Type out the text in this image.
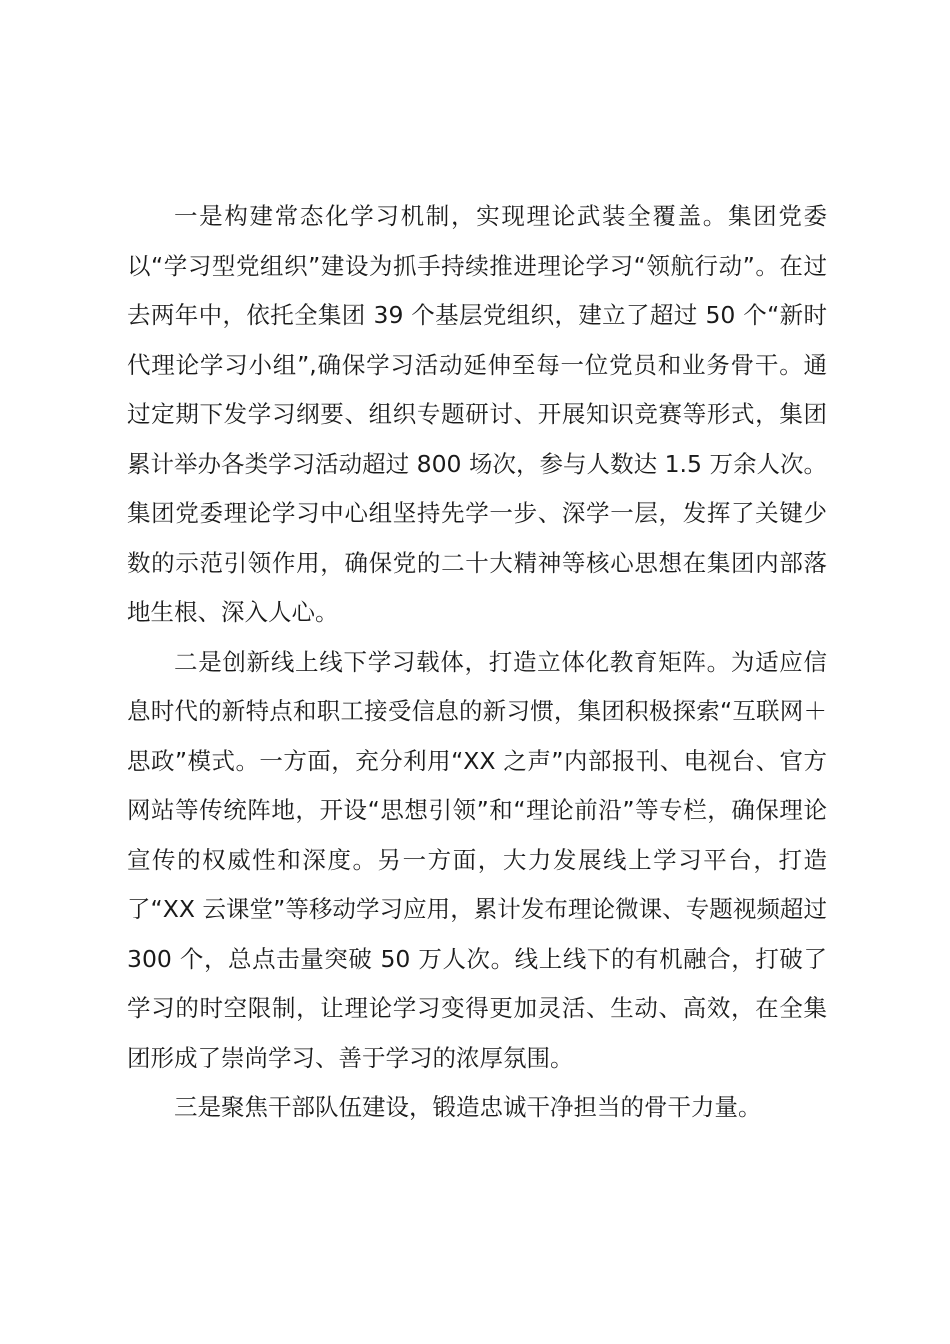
一是构建常态化学习机制，实现理论武装全覆盖。集团党委以“学习型党组织”建设为抓手持续推进理论学习“领航行动”。在过去两年中，依托全集团 39 个基层党组织，建立了超过 50 个“新时代理论学习小组”,确保学习活动延伸至每一位党员和业务骨干。通过定期下发学习纲要、组织专题研讨、开展知识竞赛等形式，集团累计举办各类学习活动超过 800 场次，参与人数达 1.5 万余人次。集团党委理论学习中心组坚持先学一步、深学一层，发挥了关键少数的示范引领作用，确保党的二十大精神等核心思想在集团内部落地生根、深入人心。

二是创新线上线下学习载体，打造立体化教育矩阵。为适应信息时代的新特点和职工接受信息的新习惯，集团积极探索“互联网＋思政”模式。一方面，充分利用“XX 之声”内部报刊、电视台、官方网站等传统阵地，开设“思想引领”和“理论前沿”等专栏，确保理论宣传的权威性和深度。另一方面，大力发展线上学习平台，打造了“XX 云课堂”等移动学习应用，累计发布理论微课、专题视频超过 300 个，总点击量突破 50 万人次。线上线下的有机融合，打破了学习的时空限制，让理论学习变得更加灵活、生动、高效，在全集团形成了崇尚学习、善于学习的浓厚氛围。

三是聚焦干部队伍建设，锻造忠诚干净担当的骨干力量。
